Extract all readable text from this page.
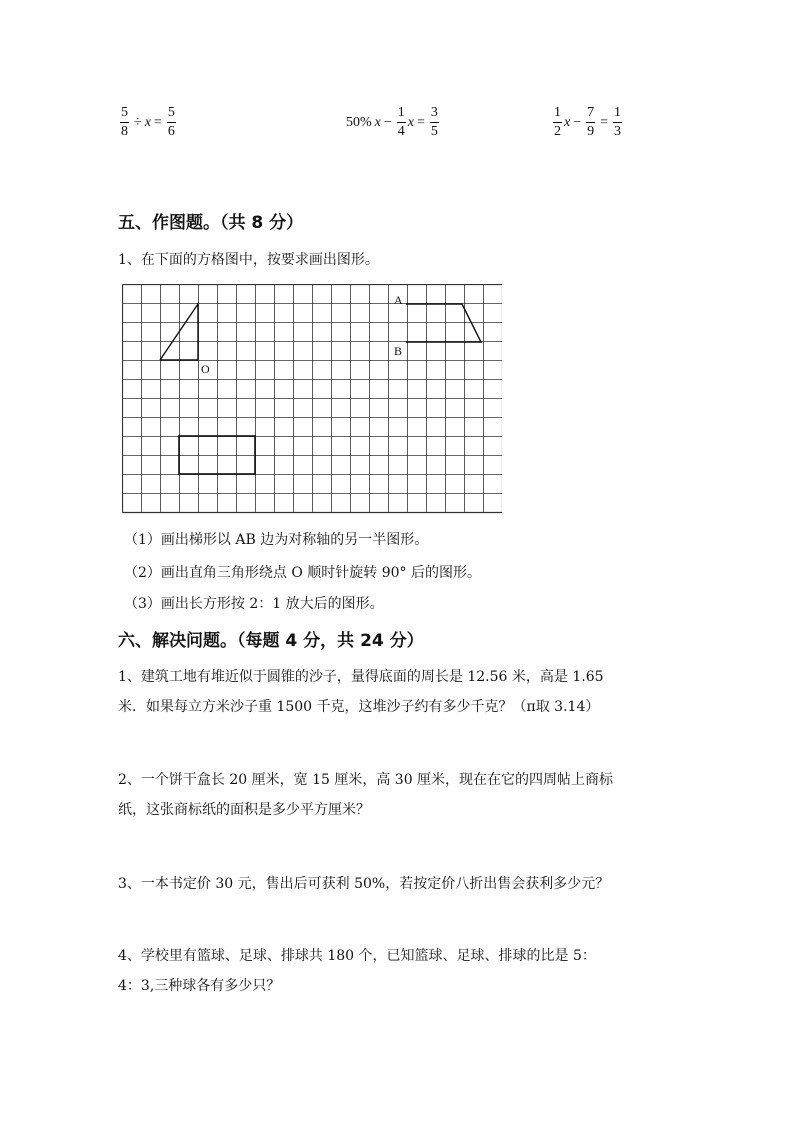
$\frac{5}{8} \div x = \frac{5}{6}$	50% $x - \frac{1}{4}$ $x = \frac{3}{5}$	$\frac{1}{2}$ $x - \frac{7}{9} = \frac{1}{3}$
五、作图题。（共 8 分）
1、在下面的方格图中，按要求画出图形。
A
B
O
（1）画出梯形以 AB 边为对称轴的另一半图形。
（2）画出直角三角形绕点 O 顺时针旋转 90° 后的图形。
（3）画出长方形按 2：1 放大后的图形。
六、解决问题。（每题 4 分，共 24 分）
1、建筑工地有堆近似于圆锥的沙子，量得底面的周长是 12.56 米，高是 1.65
米．如果每立方米沙子重 1500 千克，这堆沙子约有多少千克？（π取 3.14）
2、一个饼干盒长 20 厘米，宽 15 厘米，高 30 厘米，现在在它的四周帖上商标
纸，这张商标纸的面积是多少平方厘米？
3、一本书定价 30 元，售出后可获利 50%，若按定价八折出售会获利多少元？
4、学校里有篮球、足球、排球共 180 个，已知篮球、足球、排球的比是 5：
4：3,三种球各有多少只？
